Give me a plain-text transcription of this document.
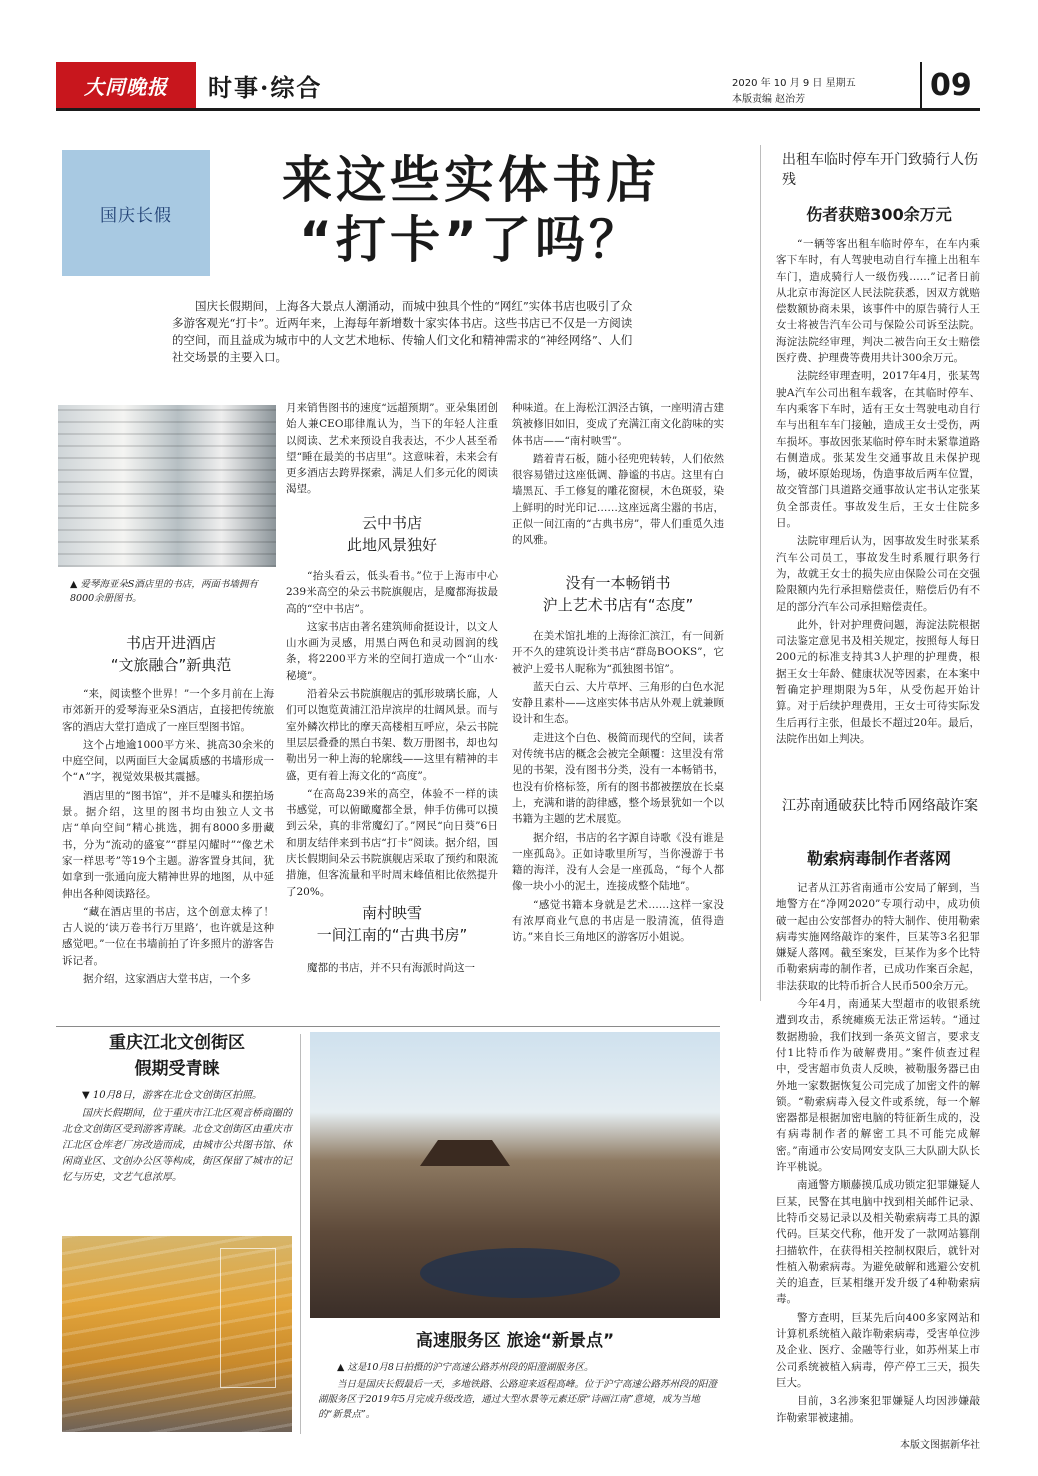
大同晚报	时事·综合	2020 年 10 月 9 日 星期五
本版责编 赵治芳	09
国庆长假
来这些实体书店
“打卡”了吗？
国庆长假期间，上海各大景点人潮涌动，而城中独具个性的“网红”实体书店也吸引了众多游客观光“打卡”。近两年来，上海每年新增数十家实体书店。这些书店已不仅是一方阅读的空间，而且益成为城市中的人文艺术地标、传输人们文化和精神需求的“神经网络”、人们社交场景的主要入口。
▲ 爱琴海亚朵S酒店里的书店，两面书墙拥有8000余册图书。
书店开进酒店
“文旅融合”新典范

“来，阅读整个世界！”一个多月前在上海市郊新开的爱琴海亚朵S酒店，直接把传统旅客的酒店大堂打造成了一座巨型图书馆。

这个占地逾1000平方米、挑高30余米的中庭空间，以两面巨大金属质感的书墙形成一个“∧”字，视觉效果极其震撼。

酒店里的“图书馆”，并不是噱头和摆拍场景。据介绍，这里的图书均由独立人文书店“单向空间”精心挑选，拥有8000多册藏书，分为“流动的盛宴”“群星闪耀时”“像艺术家一样思考”等19个主题。游客置身其间，犹如拿到一张通向庞大精神世界的地图，从中延伸出各种阅读路径。

“藏在酒店里的书店，这个创意太棒了！古人说的‘读万卷书行万里路’，也许就是这种感觉吧。”一位在书墙前拍了许多照片的游客告诉记者。

据介绍，这家酒店大堂书店，一个多

月来销售图书的速度“远超预期”。亚朵集团创始人兼CEO耶律胤认为，当下的年轻人注重以阅读、艺术来预设自我表达，不少人甚至希望“睡在最美的书店里”。这意味着，未来会有更多酒店去跨界探索，满足人们多元化的阅读渴望。

云中书店
此地风景独好

“抬头看云，低头看书。”位于上海市中心239米高空的朵云书院旗舰店，是魔都海拔最高的“空中书店”。

这家书店由著名建筑师俞挺设计，以文人山水画为灵感，用黑白两色和灵动圆润的线条，将2200平方米的空间打造成一个“山水·秘境”。

沿着朵云书院旗舰店的弧形玻璃长廊，人们可以饱览黄浦江沿岸滨岸的壮阔风景。而与室外鳞次栉比的摩天高楼相互呼应，朵云书院里层层叠叠的黑白书架、数万册图书，却也勾勒出另一种上海的轮廓线——这里有精神的丰盛，更有着上海文化的“高度”。

“在高岛239米的高空，体验不一样的读书感觉，可以俯瞰魔都全景，伸手仿佛可以摸到云朵，真的非常魔幻了。”网民“向日葵”6日和朋友结伴来到书店“打卡”阅读。据介绍，国庆长假期间朵云书院旗舰店采取了预约和限流措施，但客流量和平时周末峰值相比依然提升了20%。

南村映雪
一间江南的“古典书房”

魔都的书店，并不只有海派时尚这一

种味道。在上海松江泗泾古镇，一座明清古建筑被修旧如旧，变成了充满江南文化韵味的实体书店——“南村映雪”。

踏着青石板，随小径兜兜转转，人们依然很容易错过这座低调、静谧的书店。这里有白墙黑瓦、手工修复的雕花窗棂，木色斑驳，染上鲜明的时光印记……这座远离尘嚣的书店，正似一间江南的“古典书房”，带人们重觅久违的风雅。

没有一本畅销书
沪上艺术书店有“态度”

在美术馆扎堆的上海徐汇滨江，有一间新开不久的建筑设计类书店“群岛BOOKS”，它被沪上爱书人昵称为“孤独图书馆”。

蓝天白云、大片草坪、三角形的白色水泥安静且素朴——这座实体书店从外观上就兼顾设计和生态。

走进这个白色、极简而现代的空间，读者对传统书店的概念会被完全颠覆：这里没有常见的书架，没有图书分类，没有一本畅销书，也没有价格标签，所有的图书都被摆放在长桌上，充满和谐的韵律感，整个场景犹如一个以书籍为主题的艺术展览。

据介绍，书店的名字源自诗歌《没有谁是一座孤岛》。正如诗歌里所写，当你漫游于书籍的海洋，没有人会是一座孤岛，“每个人都像一块小小的泥土，连接成整个陆地”。

“感觉书籍本身就是艺术……这样一家没有浓厚商业气息的书店是一股清流，值得造访。”来自长三角地区的游客厉小姐说。

出租车临时停车开门致骑行人伤残
伤者获赔300余万元

“一辆等客出租车临时停车，在车内乘客下车时，有人驾驶电动自行车撞上出租车车门，造成骑行人一级伤残……”记者日前从北京市海淀区人民法院获悉，因双方就赔偿数额协商未果，该事件中的原告骑行人王女士将被告汽车公司与保险公司诉至法院。海淀法院经审理，判决二被告向王女士赔偿医疗费、护理费等费用共计300余万元。

法院经审理查明，2017年4月，张某驾驶A汽车公司出租车载客，在其临时停车、车内乘客下车时，适有王女士驾驶电动自行车与出租车车门接触，造成王女士受伤，两车损坏。事故因张某临时停车时未紧靠道路右侧造成。张某发生交通事故且未保护现场，破坏原始现场，伪造事故后两车位置，故交管部门具道路交通事故认定书认定张某负全部责任。事故发生后，王女士住院多日。

法院审理后认为，因事故发生时张某系汽车公司员工，事故发生时系履行职务行为，故就王女士的损失应由保险公司在交强险限额内先行承担赔偿责任，赔偿后仍有不足的部分汽车公司承担赔偿责任。

此外，针对护理费问题，海淀法院根据司法鉴定意见书及相关规定，按照每人每日200元的标准支持其3人护理的护理费，根据王女士年龄、健康状况等因素，在本案中暂确定护理期限为5年，从受伤起开始计算。对于后续护理费用，王女士可待实际发生后再行主张，但最长不超过20年。最后，法院作出如上判决。

江苏南通破获比特币网络敲诈案
勒索病毒制作者落网

记者从江苏省南通市公安局了解到，当地警方在“净网2020”专项行动中，成功侦破一起由公安部督办的特大制作、使用勒索病毒实施网络敲诈的案件，巨某等3名犯罪嫌疑人落网。截至案发，巨某作为多个比特币勒索病毒的制作者，已成功作案百余起，非法获取的比特币折合人民币500余万元。

今年4月，南通某大型超市的收银系统遭到攻击，系统瘫痪无法正常运转。“通过数据勘验，我们找到一条英文留言，要求支付1比特币作为破解费用。”案件侦查过程中，受害超市负责人反映，被勒服务器已由外地一家数据恢复公司完成了加密文件的解锁。“勒索病毒入侵文件或系统，每一个解密器都是根据加密电脑的特征新生成的，没有病毒制作者的解密工具不可能完成解密。”南通市公安局网安支队三大队副大队长许平桃说。

南通警方顺藤摸瓜成功锁定犯罪嫌疑人巨某，民警在其电脑中找到相关邮件记录、比特币交易记录以及相关勒索病毒工具的源代码。巨某交代称，他开发了一款网站篡削扫描软件，在获得相关控制权限后，就针对性植入勒索病毒。为避免破解和逃避公安机关的追查，巨某相继开发升级了4种勒索病毒。

警方查明，巨某先后向400多家网站和计算机系统植入敲诈勒索病毒，受害单位涉及企业、医疗、金融等行业，如苏州某上市公司系统被植入病毒，停产停工三天，损失巨大。

目前，3名涉案犯罪嫌疑人均因涉嫌敲诈勒索罪被逮捕。

本版文图据新华社
重庆江北文创街区
假期受青睐

▼ 10月8日，游客在北仓文创街区拍照。

国庆长假期间，位于重庆市江北区观音桥商圈的北仓文创街区受到游客青睐。北仓文创街区由重庆市江北区仓库老厂房改造而成，由城市公共图书馆、休闲商业区、文创办公区等构成，街区保留了城市的记忆与历史，文艺气息浓厚。

高速服务区 旅途“新景点”

▲ 这是10月8日拍摄的沪宁高速公路苏州段的阳澄湖服务区。

当日是国庆长假最后一天，多地铁路、公路迎来返程高峰。位于沪宁高速公路苏州段的阳澄湖服务区于2019年5月完成升级改造，通过大型水景等元素还原“诗画江南”意境，成为当地的“新景点”。
